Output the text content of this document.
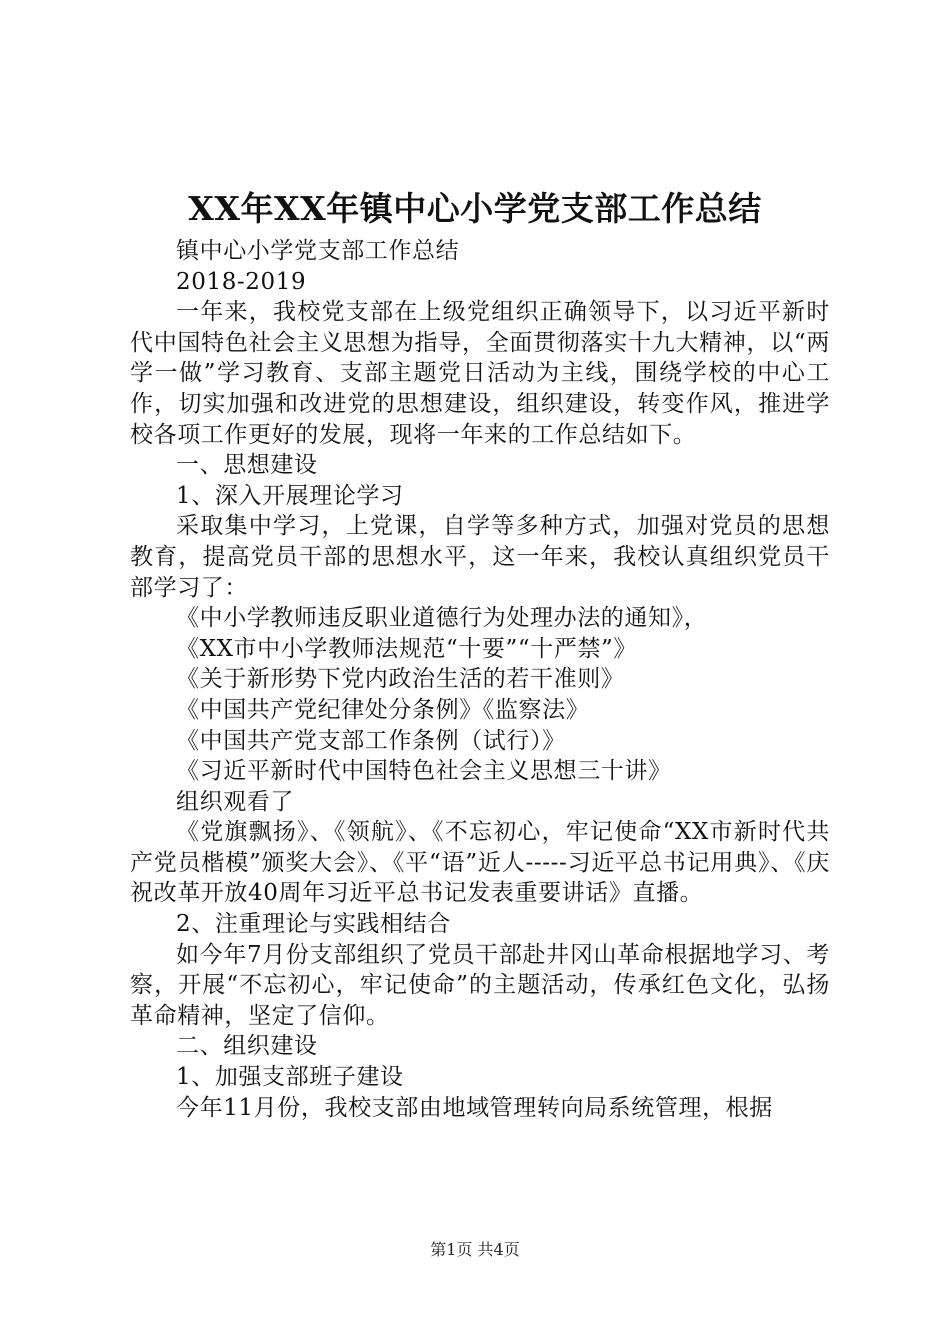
XX年XX年镇中心小学党支部工作总结

镇中心小学党支部工作总结

2018-2019

一年来，我校党支部在上级党组织正确领导下，以习近平新时代中国特色社会主义思想为指导，全面贯彻落实十九大精神，以“两学一做”学习教育、支部主题党日活动为主线，围绕学校的中心工作，切实加强和改进党的思想建设，组织建设，转变作风，推进学校各项工作更好的发展，现将一年来的工作总结如下。

一、思想建设

1、深入开展理论学习

采取集中学习，上党课，自学等多种方式，加强对党员的思想教育，提高党员干部的思想水平，这一年来，我校认真组织党员干部学习了：

《中小学教师违反职业道德行为处理办法的通知》，

《XX市中小学教师法规范“十要”“十严禁”》

《关于新形势下党内政治生活的若干准则》

《中国共产党纪律处分条例》《监察法》

《中国共产党支部工作条例（试行）》

《习近平新时代中国特色社会主义思想三十讲》

组织观看了

《党旗飘扬》、《领航》、《不忘初心，牢记使命“XX市新时代共产党员楷模”颁奖大会》、《平“语”近人-----习近平总书记用典》、《庆祝改革开放40周年习近平总书记发表重要讲话》直播。

2、注重理论与实践相结合

如今年7月份支部组织了党员干部赴井冈山革命根据地学习、考察，开展“不忘初心，牢记使命”的主题活动，传承红色文化，弘扬革命精神，坚定了信仰。

二、组织建设

1、加强支部班子建设

今年11月份，我校支部由地域管理转向局系统管理，根据

第1页 共4页
